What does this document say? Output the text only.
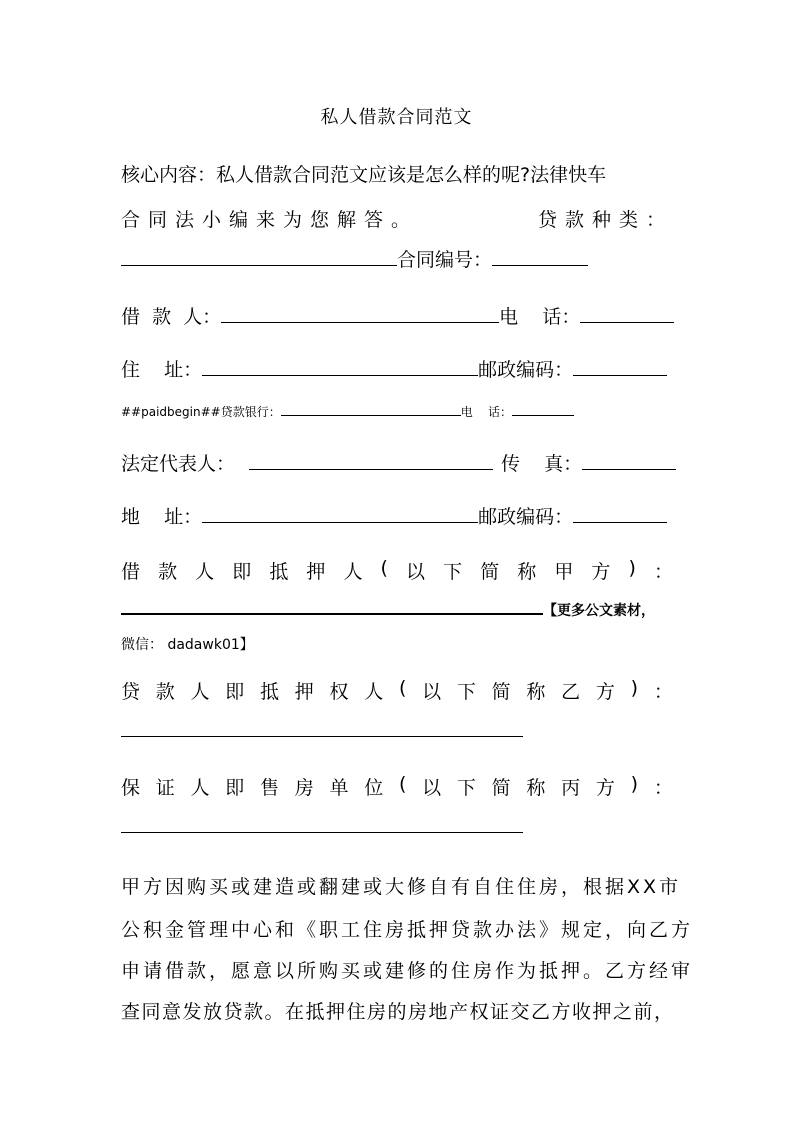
私人借款合同范文
核心内容：私人借款合同范文应该是怎么样的呢?法律快车
合同法小编来为您解答。	贷款种类：
合同编号：
借  款  人：	电    话：
住    址：	邮政编码：
##paidbegin##贷款银行：	电    话：
法定代表人：	传    真：
地    址：	邮政编码：
借 款 人 即 抵 押 人 ( 以 下 简 称 甲 方 ) ：
【更多公文素材，
微信： dadawk01】
贷 款 人 即 抵 押 权 人 ( 以 下 简 称 乙 方 ) ：
保 证 人 即 售 房 单 位 ( 以 下 简 称 丙 方 ) ：
甲方因购买或建造或翻建或大修自有自住住房，根据XX市
公积金管理中心和《职工住房抵押贷款办法》规定，向乙方
申请借款，愿意以所购买或建修的住房作为抵押。乙方经审
查同意发放贷款。在抵押住房的房地产权证交乙方收押之前，
